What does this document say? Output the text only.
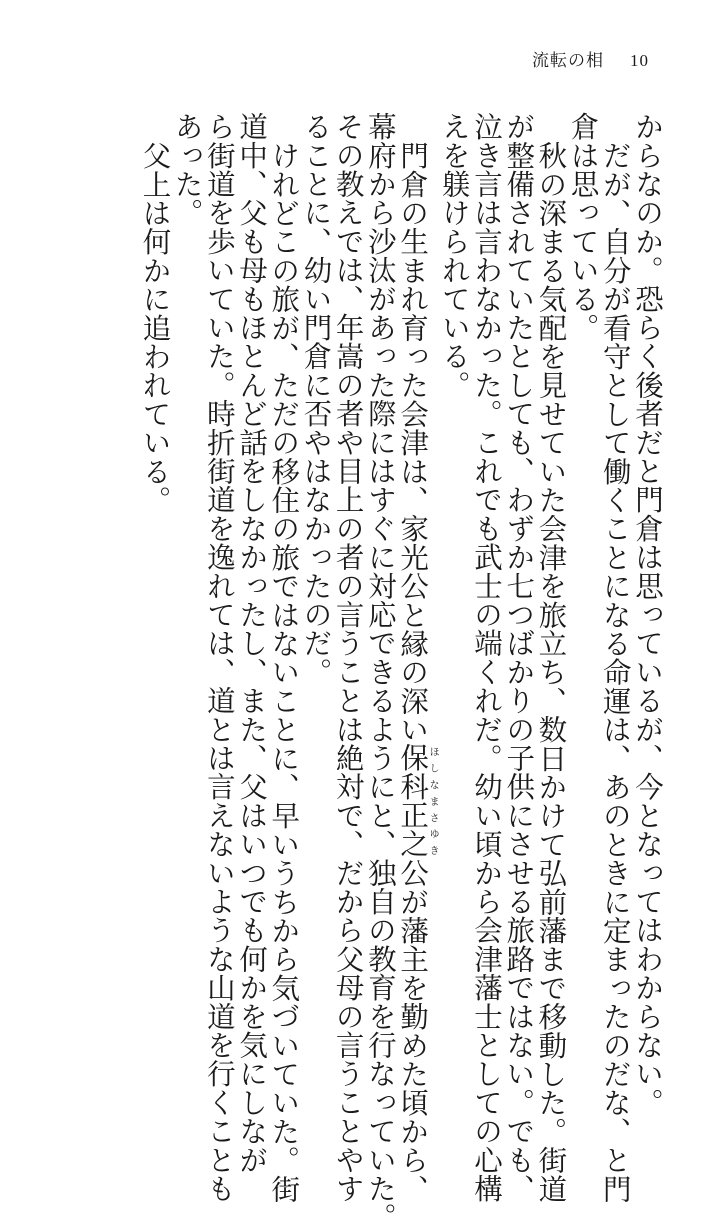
流転の相 10
からなのか。恐らく後者だと門倉は思っているが、今となってはわからない。
だが、自分が看守として働くことになる命運は、あのときに定まったのだな、と門
倉は思っている。
秋の深まる気配を見せていた会津を旅立ち、数日かけて弘前藩まで移動した。街道
が整備されていたとしても、わずか七つばかりの子供にさせる旅路ではない。でも、
泣き言は言わなかった。これでも武士の端くれだ。幼い頃から会津藩士としての心構
えを躾けられている。
門倉の生まれ育った会津は、家光公と縁の深い保科正之ほしなまさゆき公が藩主を勤めた頃から、
幕府から沙汰があった際にはすぐに対応できるようにと、独自の教育を行なっていた。
その教えでは、年嵩の者や目上の者の言うことは絶対で、だから父母の言うことやす
ることに、幼い門倉に否やはなかったのだ。
けれどこの旅が、ただの移住の旅ではないことに、早いうちから気づいていた。街
道中、父も母もほとんど話をしなかったし、また、父はいつでも何かを気にしなが
ら街道を歩いていた。時折街道を逸れては、道とは言えないような山道を行くことも
あった。
父上は何かに追われている。
